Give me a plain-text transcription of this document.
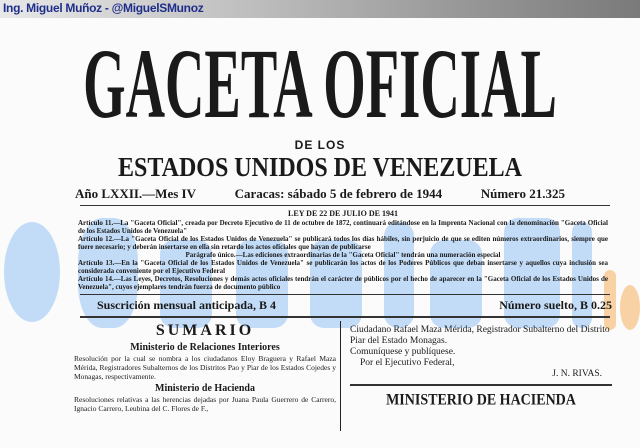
Ing. Miguel Muñoz - @MiguelSMunoz
GACETA OFICIAL
DE LOS
ESTADOS UNIDOS DE VENEZUELA
Año LXXII.—Mes IV	Caracas: sábado 5 de febrero de 1944	Número 21.325
LEY DE 22 DE JULIO DE 1941
Artículo 11.—La "Gaceta Oficial", creada por Decreto Ejecutivo de 11 de octubre de 1872, continuará editándose en la Imprenta Nacional con la denominación "Gaceta Oficial de los Estados Unidos de Venezuela"
Artículo 12.—La "Gaceta Oficial de los Estados Unidos de Venezuela" se publicará todos los días hábiles, sin perjuicio de que se editen números extraordinarios, siempre que fuere necesario; y deberán insertarse en ella sin retardo los actos oficiales que hayan de publicarse
Parágrafo único.—Las ediciones extraordinarias de la "Gaceta Oficial" tendrán una numeración especial
Artículo 13.—En la "Gaceta Oficial de los Estados Unidos de Venezuela" se publicarán los actos de los Poderes Públicos que deban insertarse y aquellos cuya inclusión sea considerada conveniente por el Ejecutivo Federal
Artículo 14.—Las Leyes, Decretos, Resoluciones y demás actos oficiales tendrán el carácter de públicos por el hecho de aparecer en la "Gaceta Oficial de los Estados Unidos de Venezuela", cuyos ejemplares tendrán fuerza de documento público
Suscrición mensual anticipada, B 4	Número suelto, B 0.25
SUMARIO
Ministerio de Relaciones Interiores
Resolución por la cual se nombra a los ciudadanos Eloy Braguera y Rafael Maza Mérida, Registradores Subalternos de los Distritos Pao y Piar de los Estados Cojedes y Monagas, respectivamente.
Ministerio de Hacienda
Resoluciones relativas a las herencias dejadas por Juana Paula Guerrero de Carrero, Ignacio Carrero, Leubina del C. Flores de F.,
Ciudadano Rafael Maza Mérida, Registrador Subalterno del Distrito Piar del Estado Monagas.
Comuníquese y publíquese.
Por el Ejecutivo Federal,
J. N. RIVAS.
MINISTERIO DE HACIENDA
